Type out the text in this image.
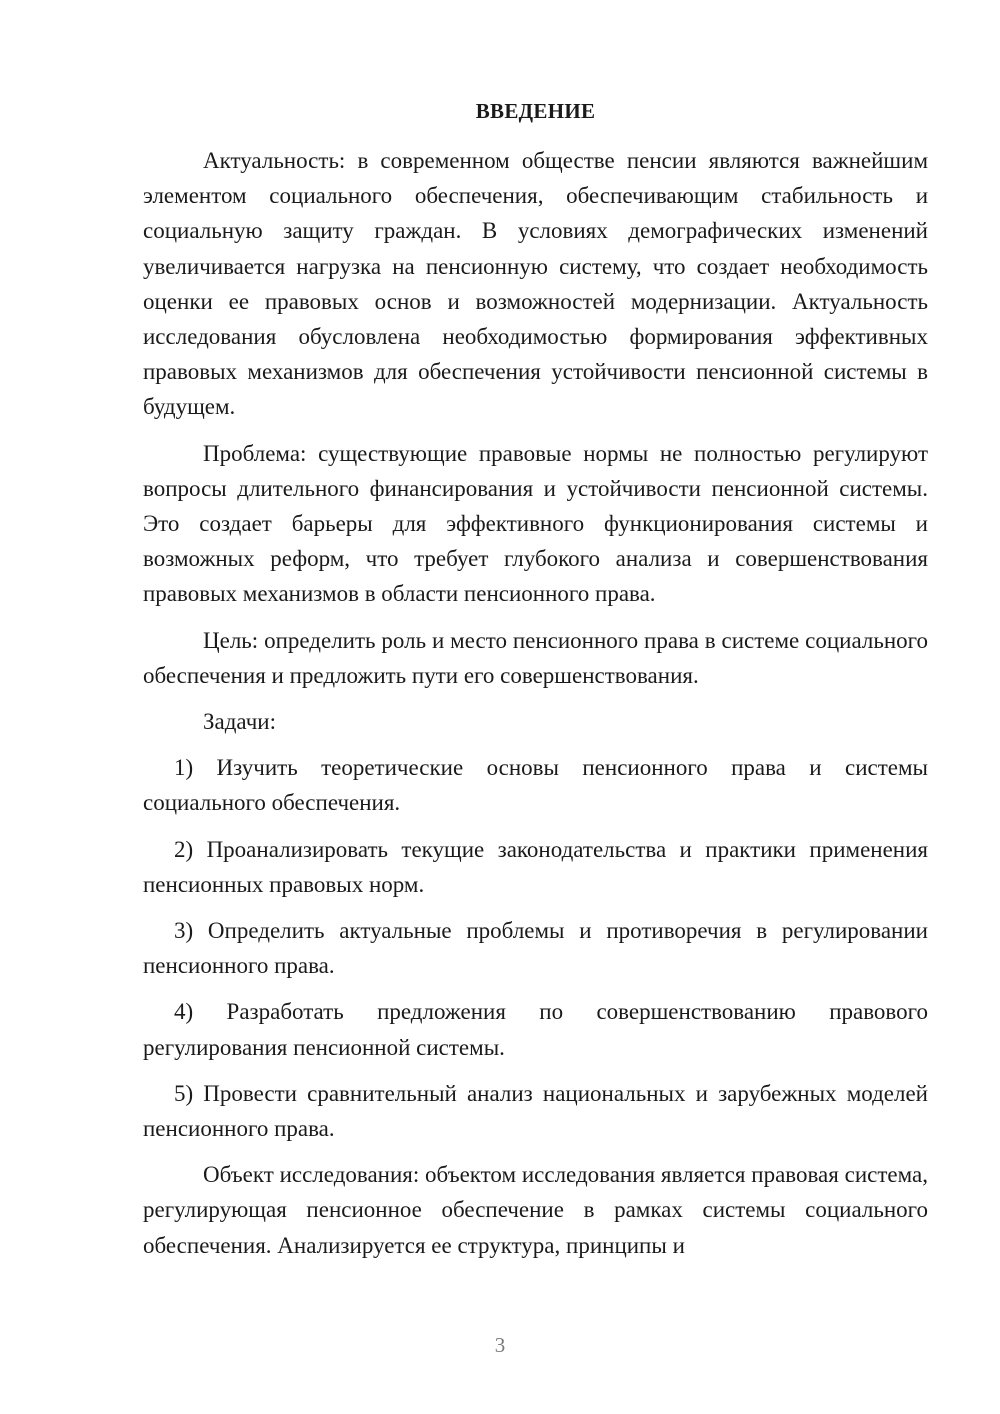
ВВЕДЕНИЕ

Актуальность: в современном обществе пенсии являются важнейшим элементом социального обеспечения, обеспечивающим стабильность и социальную защиту граждан. В условиях демографических изменений увеличивается нагрузка на пенсионную систему, что создает необходимость оценки ее правовых основ и возможностей модернизации. Актуальность исследования обусловлена необходимостью формирования эффективных правовых механизмов для обеспечения устойчивости пенсионной системы в будущем.

Проблема: существующие правовые нормы не полностью регулируют вопросы длительного финансирования и устойчивости пенсионной системы. Это создает барьеры для эффективного функционирования системы и возможных реформ, что требует глубокого анализа и совершенствования правовых механизмов в области пенсионного права.

Цель: определить роль и место пенсионного права в системе социального обеспечения и предложить пути его совершенствования.

Задачи:

1) Изучить теоретические основы пенсионного права и системы социального обеспечения.

2) Проанализировать текущие законодательства и практики применения пенсионных правовых норм.

3) Определить актуальные проблемы и противоречия в регулировании пенсионного права.

4) Разработать предложения по совершенствованию правового регулирования пенсионной системы.

5) Провести сравнительный анализ национальных и зарубежных моделей пенсионного права.

Объект исследования: объектом исследования является правовая система, регулирующая пенсионное обеспечение в рамках системы социального обеспечения. Анализируется ее структура, принципы и

3
